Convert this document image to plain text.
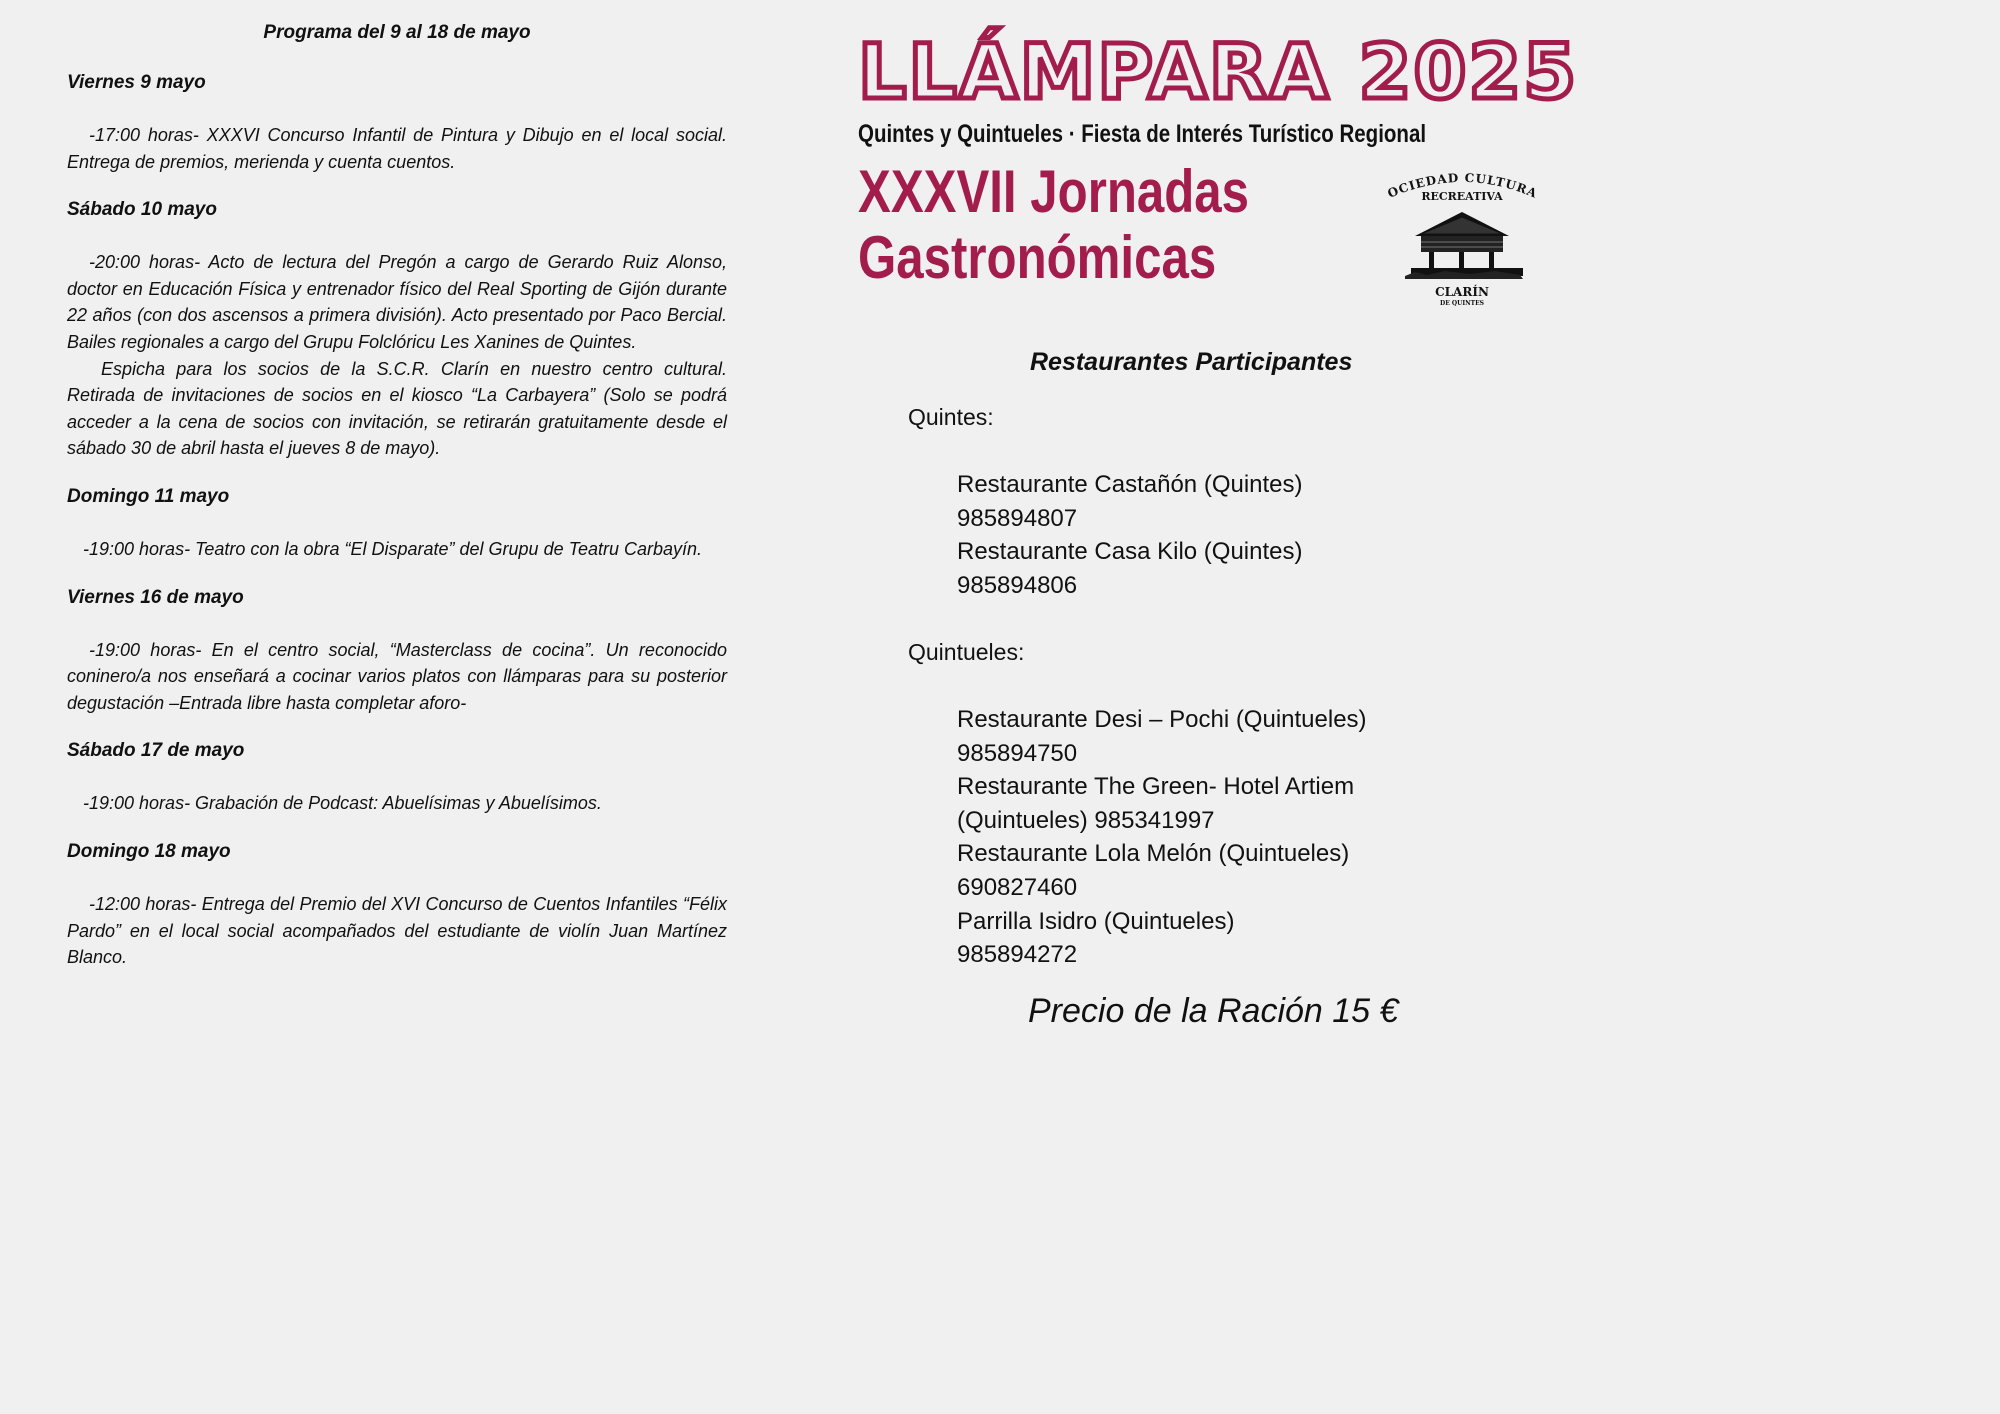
Programa del 9 al 18 de mayo
Viernes 9 mayo

-17:00 horas- XXXVI Concurso Infantil de Pintura y Dibujo en el local social. Entrega de premios, merienda y cuenta cuentos.

Sábado 10 mayo

-20:00 horas- Acto de lectura del Pregón a cargo de Gerardo Ruiz Alonso, doctor en Educación Física y entrenador físico del Real Sporting de Gijón durante 22 años (con dos ascensos a primera división). Acto presentado por Paco Bercial. Bailes regionales a cargo del Grupu Folclóricu Les Xanines de Quintes.

Espicha para los socios de la S.C.R. Clarín en nuestro centro cultural. Retirada de invitaciones de socios en el kiosco “La Carbayera” (Solo se podrá acceder a la cena de socios con invitación, se retirarán gratuitamente desde el sábado 30 de abril hasta el jueves 8 de mayo).

Domingo 11 mayo

-19:00 horas- Teatro con la obra “El Disparate” del Grupu de Teatru Carbayín.

Viernes 16 de mayo

-19:00 horas- En el centro social, “Masterclass de cocina”. Un reconocido coninero/a nos enseñará a cocinar varios platos con llámparas para su posterior degustación –Entrada libre hasta completar aforo-

Sábado 17 de mayo

-19:00 horas- Grabación de Podcast: Abuelísimas y Abuelísimos.

Domingo 18 mayo

-12:00 horas- Entrega del Premio del XVI Concurso de Cuentos Infantiles “Félix Pardo” en el local social acompañados del estudiante de violín Juan Martínez Blanco.

LLÁMPARA 2025
Quintes y Quintueles · Fiesta de Interés Turístico Regional
XXXVII Jornadas
Gastronómicas
OCIEDAD CULTURA
RECREATIVA
CLARÍN
DE QUINTES
Restaurantes Participantes
Quintes:
Restaurante Castañón (Quintes)
985894807
Restaurante Casa Kilo (Quintes)
985894806
Quintueles:
Restaurante Desi – Pochi (Quintueles)
985894750
Restaurante The Green- Hotel Artiem
(Quintueles) 985341997
Restaurante Lola Melón (Quintueles)
690827460
Parrilla Isidro (Quintueles)
985894272
Precio de la Ración 15 €
